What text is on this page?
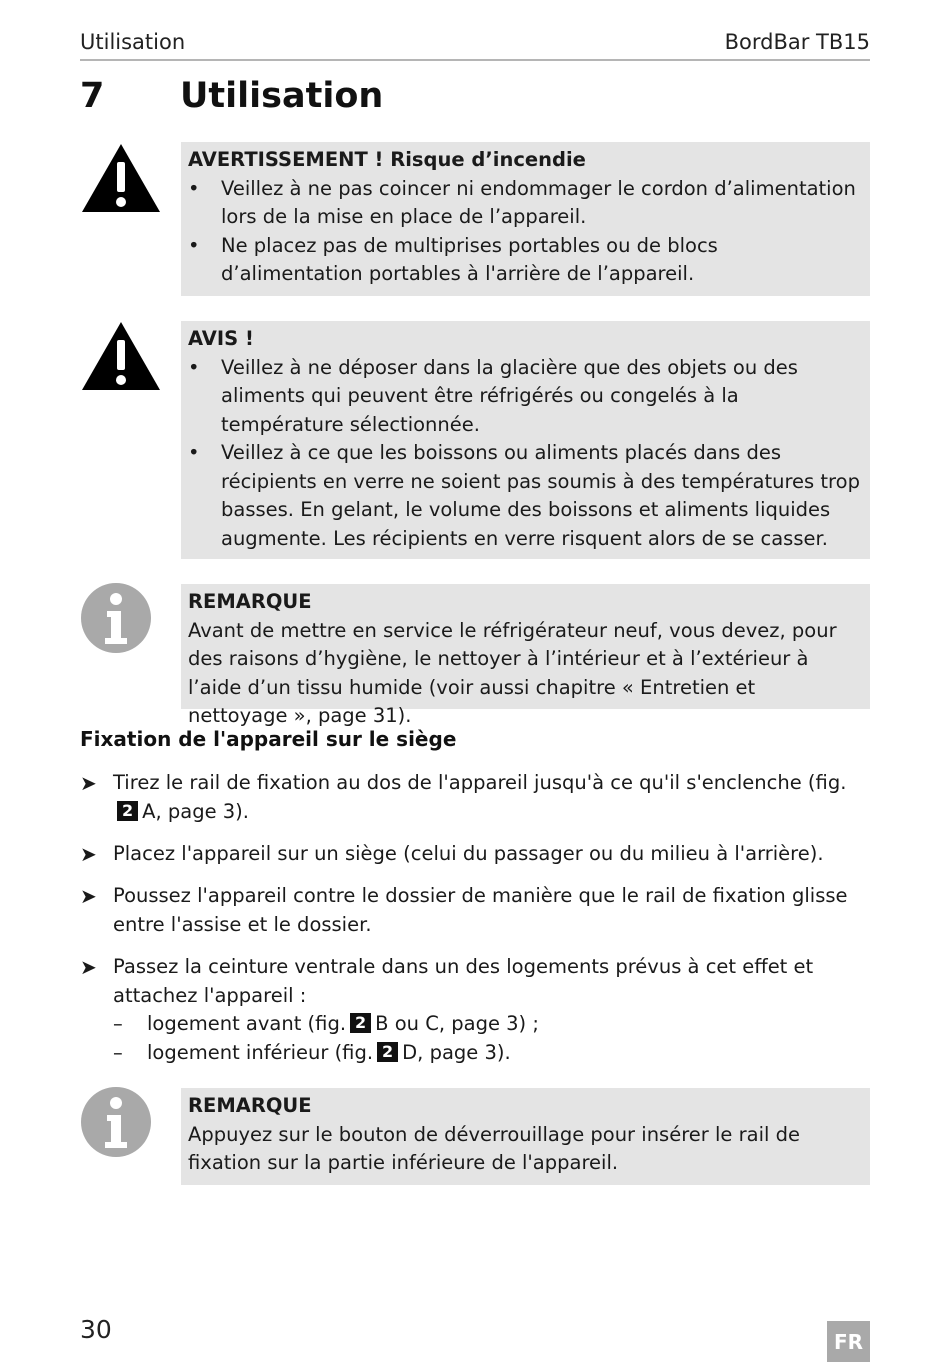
Utilisation	BordBar TB15
7 Utilisation
AVERTISSEMENT ! Risque d’incendie
• Veillez à ne pas coincer ni endommager le cordon d’alimentation lors de la mise en place de l’appareil.
• Ne placez pas de multiprises portables ou de blocs d’alimentation portables à l'arrière de l’appareil.
AVIS !
• Veillez à ne déposer dans la glacière que des objets ou des aliments qui peuvent être réfrigérés ou congelés à la température sélectionnée.
• Veillez à ce que les boissons ou aliments placés dans des récipients en verre ne soient pas soumis à des températures trop basses. En gelant, le volume des boissons et aliments liquides augmente. Les récipients en verre risquent alors de se casser.
REMARQUE
Avant de mettre en service le réfrigérateur neuf, vous devez, pour des raisons d’hygiène, le nettoyer à l’intérieur et à l’extérieur à l’aide d’un tissu humide (voir aussi chapitre « Entretien et nettoyage », page 31).
Fixation de l'appareil sur le siège
➤ Tirez le rail de fixation au dos de l'appareil jusqu'à ce qu'il s'enclenche (fig.2 A, page 3).
➤ Placez l'appareil sur un siège (celui du passager ou du milieu à l'arrière).
➤ Poussez l'appareil contre le dossier de manière que le rail de fixation glisse entre l'assise et le dossier.
➤ Passez la ceinture ventrale dans un des logements prévus à cet effet et attachez l'appareil :
– logement avant (fig. 2 B ou C, page 3) ;
– logement inférieur (fig. 2 D, page 3).
REMARQUE
Appuyez sur le bouton de déverrouillage pour insérer le rail de fixation sur la partie inférieure de l'appareil.
30	FR
